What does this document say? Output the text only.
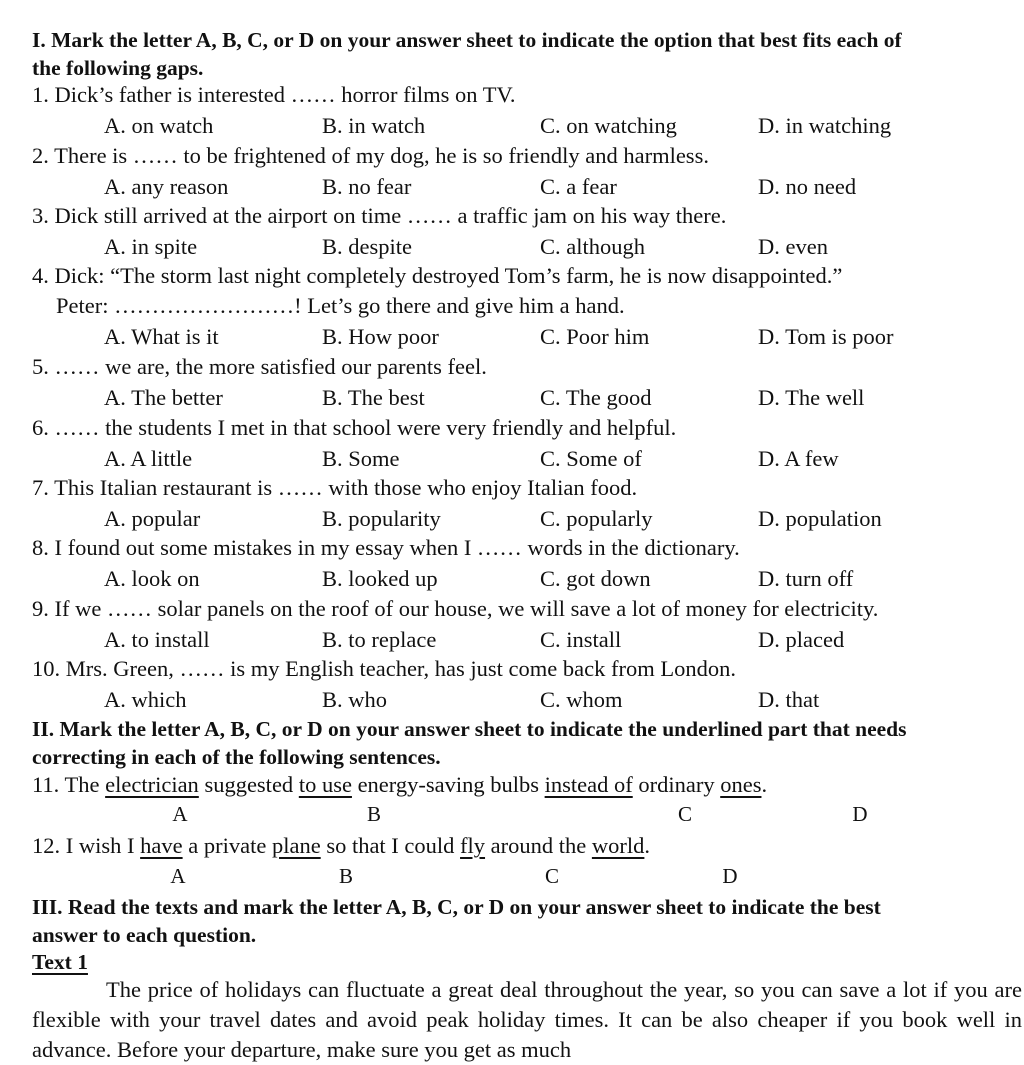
I. Mark the letter A, B, C, or D on your answer sheet to indicate the option that best fits each of
the following gaps.
1. Dick’s father is interested …… horror films on TV.
A. on watch	B. in watch	C. on watching	D. in watching
2. There is …… to be frightened of my dog, he is so friendly and harmless.
A. any reason	B. no fear	C. a fear	D. no need
3. Dick still arrived at the airport on time …… a traffic jam on his way there.
A. in spite	B. despite	C. although	D. even
4. Dick: “The storm last night completely destroyed Tom’s farm, he is now disappointed.”
Peter: ……………………! Let’s go there and give him a hand.
A. What is it	B. How poor	C. Poor him	D. Tom is poor
5. …… we are, the more satisfied our parents feel.
A. The better	B. The best	C. The good	D. The well
6. …… the students I met in that school were very friendly and helpful.
A. A little	B. Some	C. Some of	D. A few
7. This Italian restaurant is …… with those who enjoy Italian food.
A. popular	B. popularity	C. popularly	D. population
8. I found out some mistakes in my essay when I …… words in the dictionary.
A. look on	B. looked up	C. got down	D. turn off
9. If we …… solar panels on the roof of our house, we will save a lot of money for electricity.
A. to install	B. to replace	C. install	D. placed
10. Mrs. Green, …… is my English teacher, has just come back from London.
A. which	B. who	C. whom	D. that
II. Mark the letter A, B, C, or D on your answer sheet to indicate the underlined part that needs
correcting in each of the following sentences.
11. The electrician suggested to use energy-saving bulbs instead of ordinary ones.
A	B	C	D
12. I wish I have a private plane so that I could fly around the world.
A	B	C	D
III. Read the texts and mark the letter A, B, C, or D on your answer sheet to indicate the best
answer to each question.
Text 1
The price of holidays can fluctuate a great deal throughout the year, so you can save a lot if you are flexible with your travel dates and avoid peak holiday times. It can be also cheaper if you book well in advance. Before your departure, make sure you get as much
